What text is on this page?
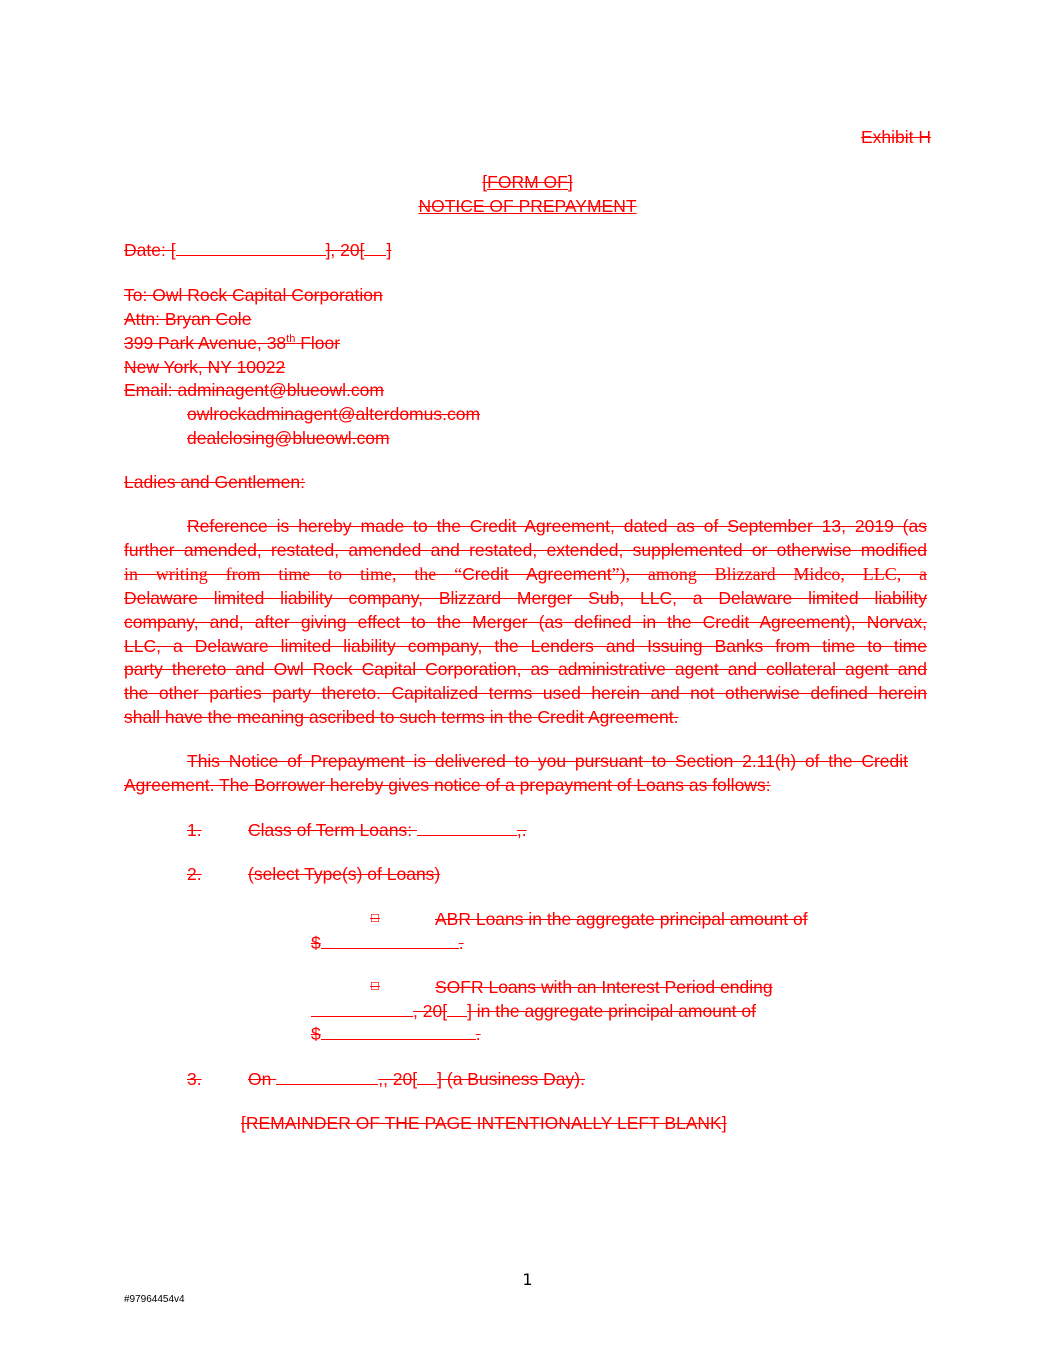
Exhibit H
[FORM OF]
NOTICE OF PREPAYMENT
Date: [	], 20[ ]
To: Owl Rock Capital Corporation
Attn: Bryan Cole
399 Park Avenue, 38th Floor
New York, NY 10022
Email: adminagent@blueowl.com
owlrockadminagent@alterdomus.com
dealclosing@blueowl.com
Ladies and Gentlemen:
Reference is hereby made to the Credit Agreement, dated as of September 13, 2019 (as
further amended, restated, amended and restated, extended, supplemented or otherwise modified
in writing from time to time, the “Credit Agreement”), among Blizzard Midco, LLC, a
Delaware limited liability company, Blizzard Merger Sub, LLC, a Delaware limited liability
company, and, after giving effect to the Merger (as defined in the Credit Agreement), Norvax,
LLC, a Delaware limited liability company, the Lenders and Issuing Banks from time to time
party thereto and Owl Rock Capital Corporation, as administrative agent and collateral agent and
the other parties party thereto. Capitalized terms used herein and not otherwise defined herein
shall have the meaning ascribed to such terms in the Credit Agreement.
This Notice of Prepayment is delivered to you pursuant to Section 2.11(h) of the Credit
Agreement. The Borrower hereby gives notice of a prepayment of Loans as follows:
1.	Class of Term Loans:	,.
2.	(select Type(s) of Loans)
☐	ABR Loans in the aggregate principal amount of
$	.
☐	SOFR Loans with an Interest Period ending
, 20[ ] in the aggregate principal amount of
$	.
3.	On	,, 20[ ] (a Business Day).
[REMAINDER OF THE PAGE INTENTIONALLY LEFT BLANK]
1
#97964454v4
